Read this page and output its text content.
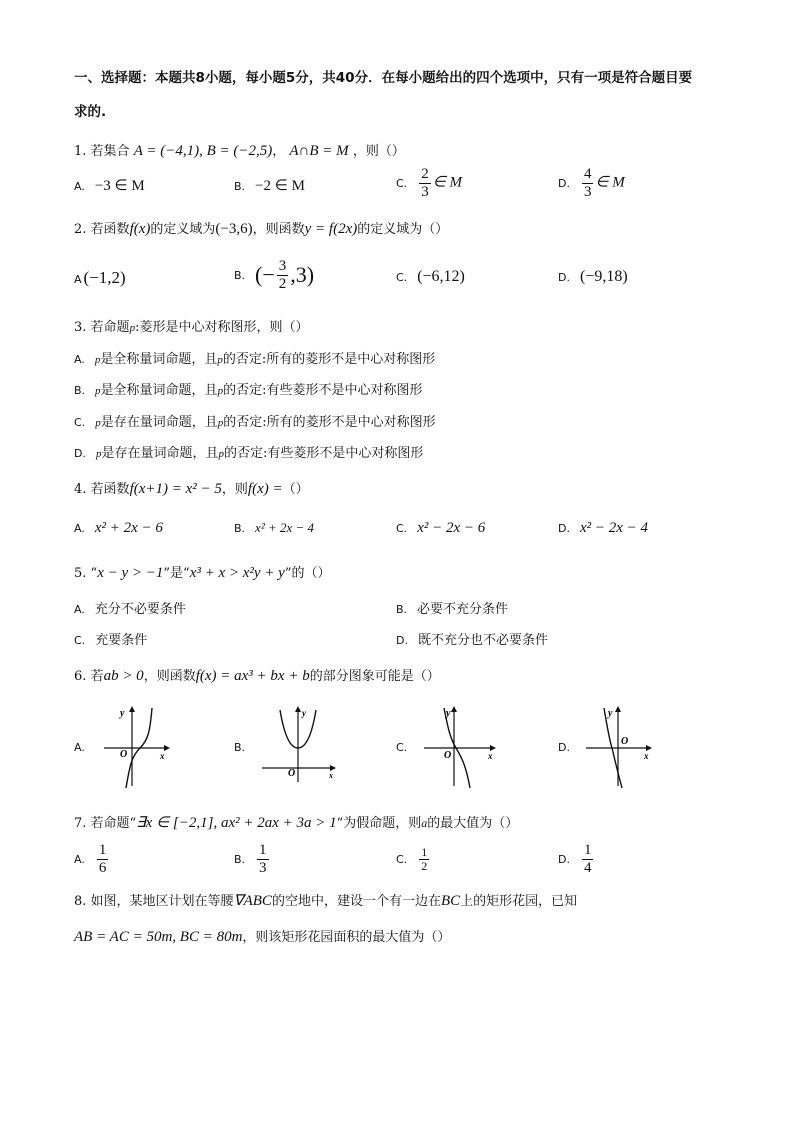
一、选择题：本题共8小题，每小题5分，共40分．在每小题给出的四个选项中，只有一项是符合题目要
求的.
1. 若集合 A = (−4,1), B = (−2,5)， A∩B = M ，则（）
A. −3 ∈ M	B. −2 ∈ M	C. $\frac{2}{3}$ ∈ M	D. $\frac{4}{3}$ ∈ M
2. 若函数f(x)的定义域为(−3,6)，则函数y = f(2x)的定义域为（）
A (−1,2)	B. (− $\frac{3}{2} ,3$)	C. (−6,12)	D. (−9,18)
3. 若命题p:菱形是中心对称图形，则（）
A. p是全称量词命题，且p的否定:所有的菱形不是中心对称图形
B. p是全称量词命题，且p的否定:有些菱形不是中心对称图形
C. p是存在量词命题，且p的否定:所有的菱形不是中心对称图形
D. p是存在量词命题，且p的否定:有些菱形不是中心对称图形
4. 若函数f(x+1) = x² − 5，则f(x) =（）
A. x² + 2x − 6	B. x² + 2x − 4	C. x² − 2x − 6	D. x² − 2x − 4
5. “x − y > −1”是“x³ + x > x²y + y”的（）
A. 充分不必要条件	B. 必要不充分条件
C. 充要条件	D. 既不充分也不必要条件
6. 若ab > 0，则函数f(x) = ax³ + bx + b的部分图象可能是（）
A.
y
x
O
B.
O	x
y
C.
y
x
O
D.
y
x
O
7. 若命题“∃x ∈ [−2,1], ax² + 2ax + 3a > 1”为假命题，则a的最大值为（）
A. $\frac{1}{6}$	B. $\frac{1}{3}$	C. $\frac{1}{2}$	D. $\frac{1}{4}$
8. 如图，某地区计划在等腰∇ABC的空地中，建设一个有一边在BC上的矩形花园，已知
AB = AC = 50m, BC = 80m，则该矩形花园面积的最大值为（）
